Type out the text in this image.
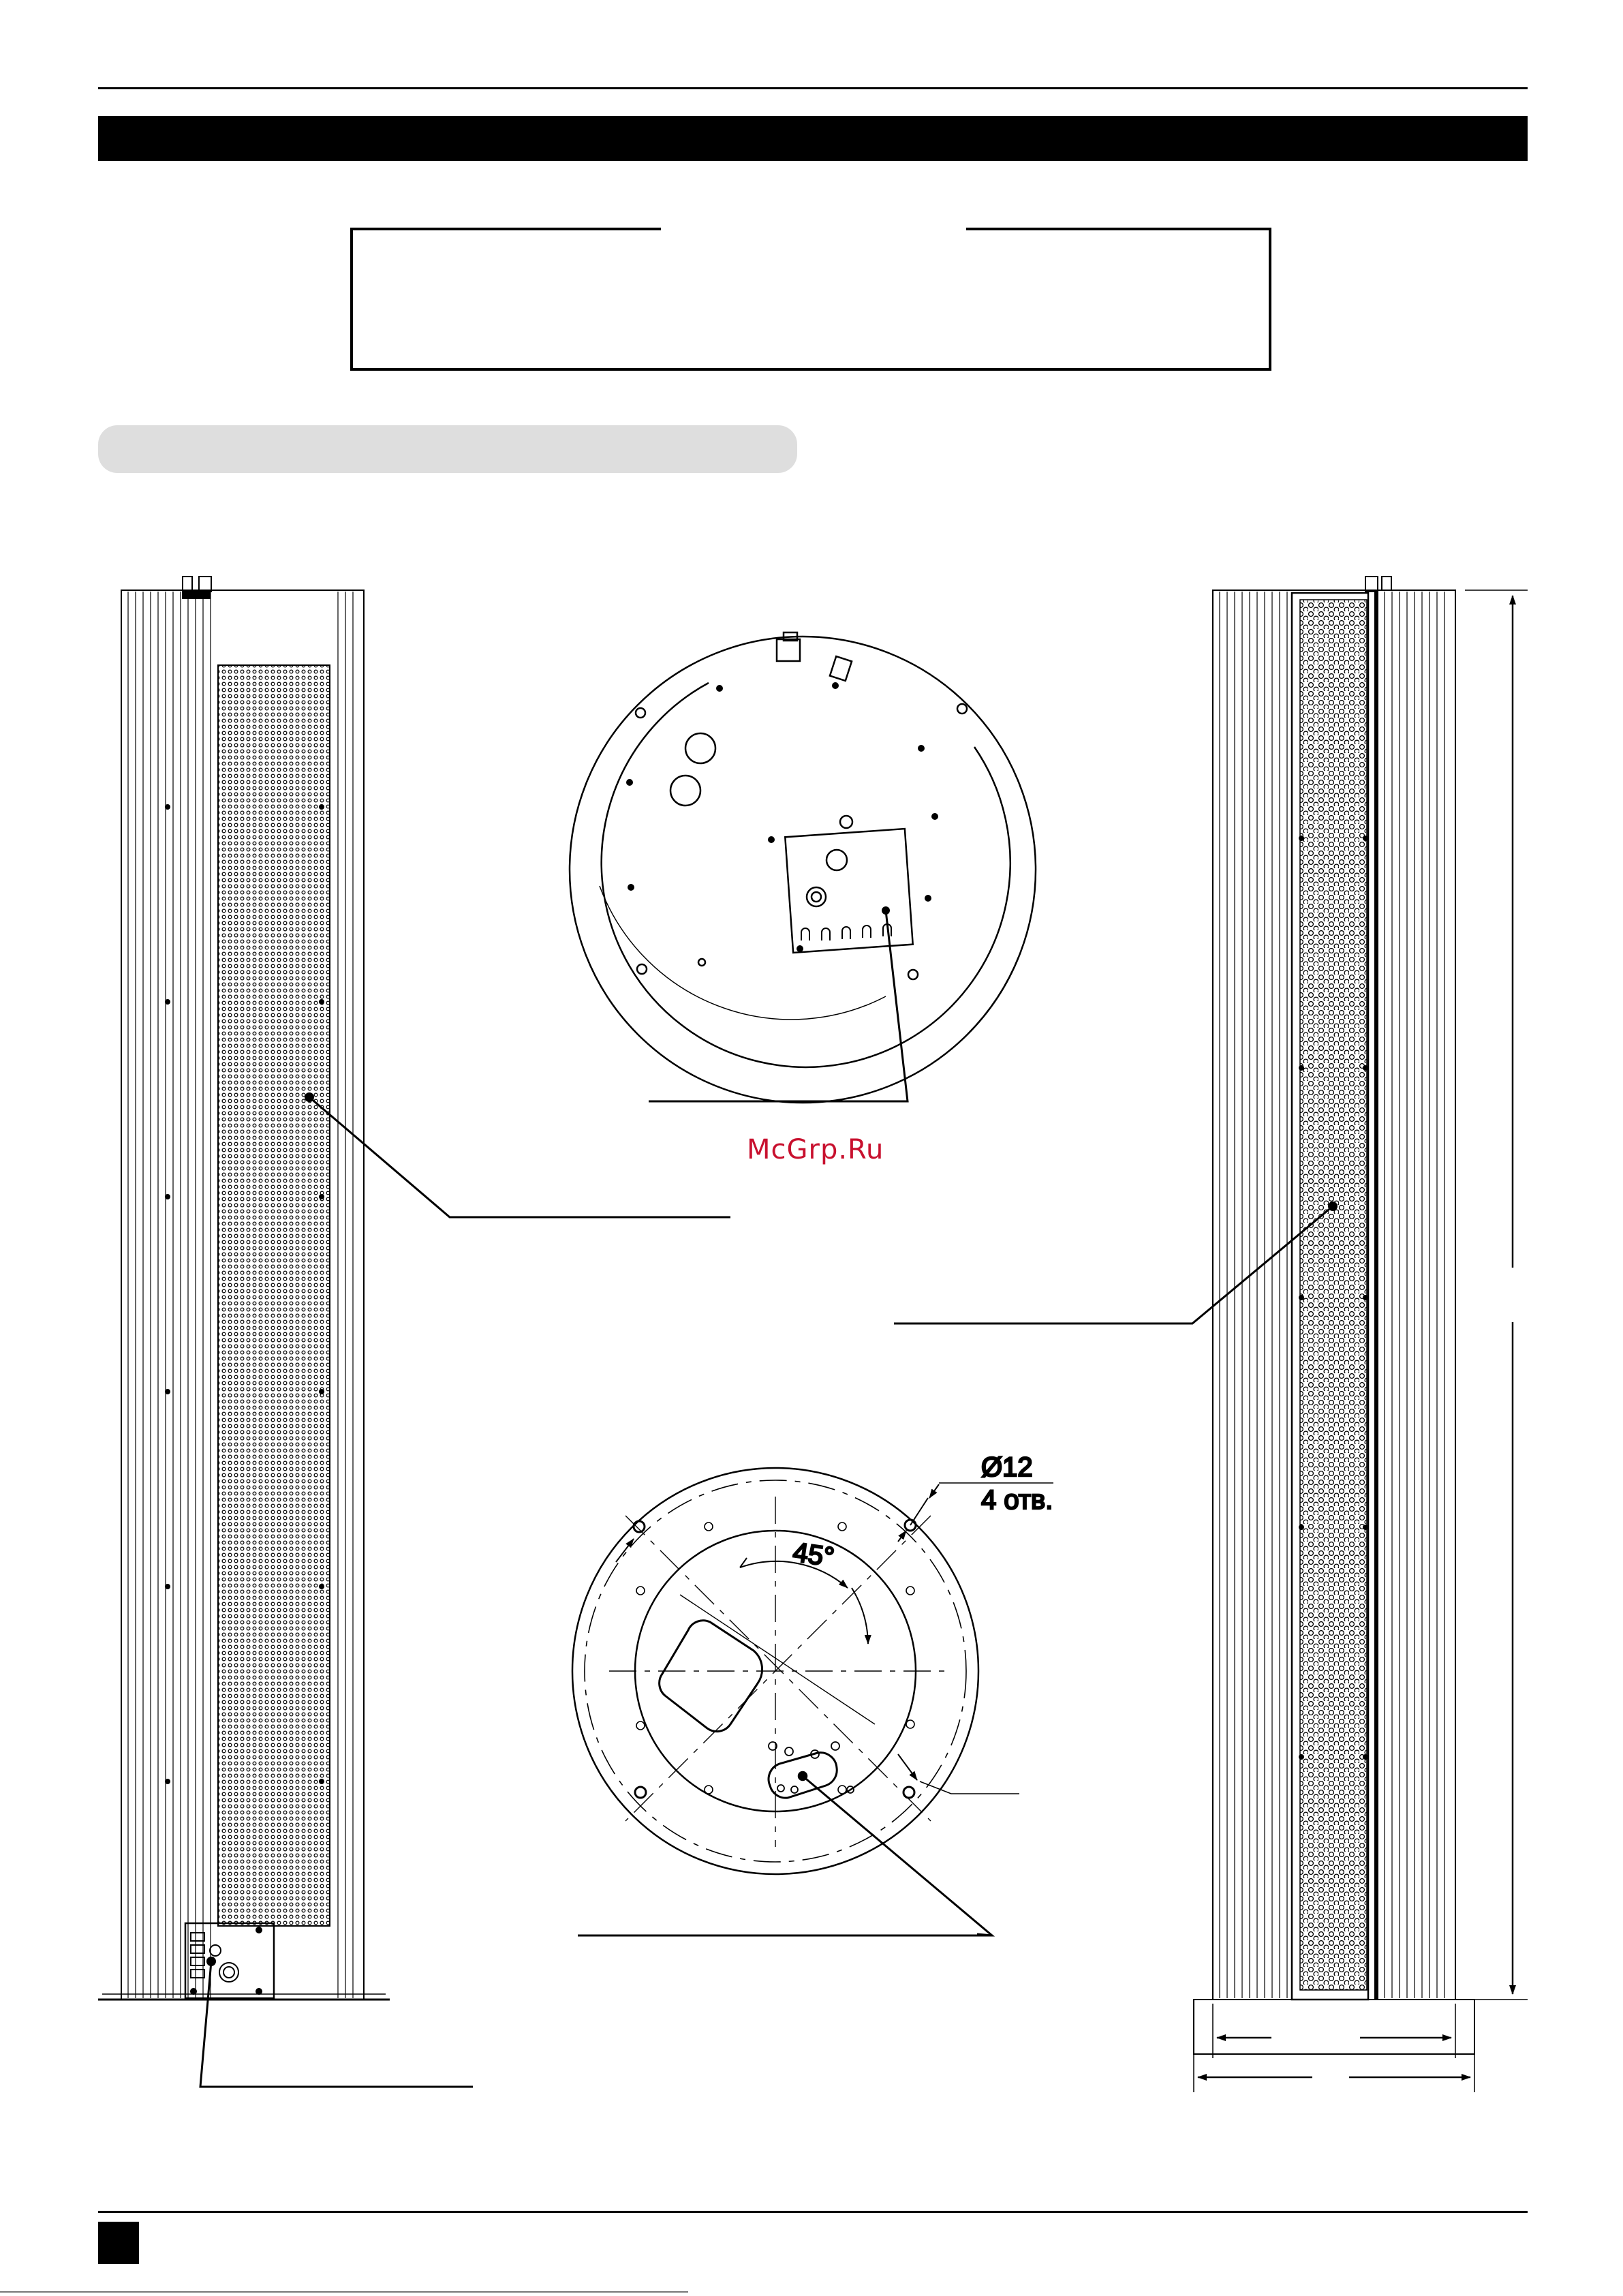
Ø12
4 отв.
45°
McGrp.Ru
